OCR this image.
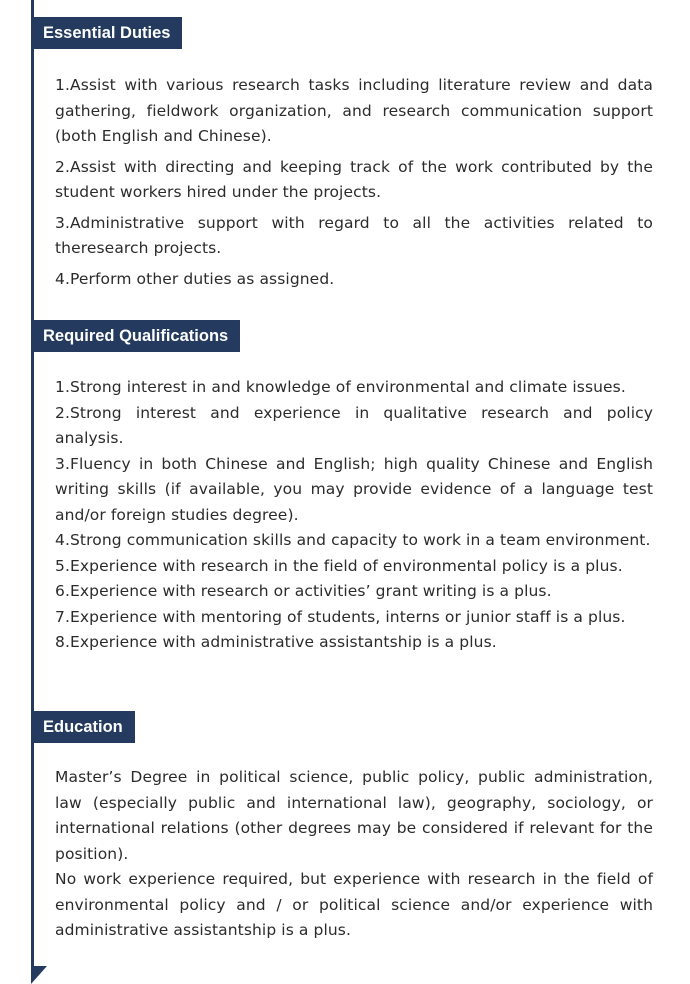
Essential Duties

1.Assist with various research tasks including literature review and data gathering, fieldwork organization, and research communication support (both English and Chinese).

2.Assist with directing and keeping track of the work contributed by the student workers hired under the projects.

3.Administrative support with regard to all the activities related to theresearch projects.

4.Perform other duties as assigned.

Required Qualifications

1.Strong interest in and knowledge of environmental and climate issues.

2.Strong interest and experience in qualitative research and policy analysis.

3.Fluency in both Chinese and English; high quality Chinese and English writing skills (if available, you may provide evidence of a language test and/or foreign studies degree).

4.Strong communication skills and capacity to work in a team environment.

5.Experience with research in the field of environmental policy is a plus.

6.Experience with research or activities’ grant writing is a plus.

7.Experience with mentoring of students, interns or junior staff is a plus.

8.Experience with administrative assistantship is a plus.

Education

Master’s Degree in political science, public policy, public administration, law (especially public and international law), geography, sociology, or international relations (other degrees may be considered if relevant for the position).

No work experience required, but experience with research in the field of environmental policy and / or political science and/or experience with administrative assistantship is a plus.
